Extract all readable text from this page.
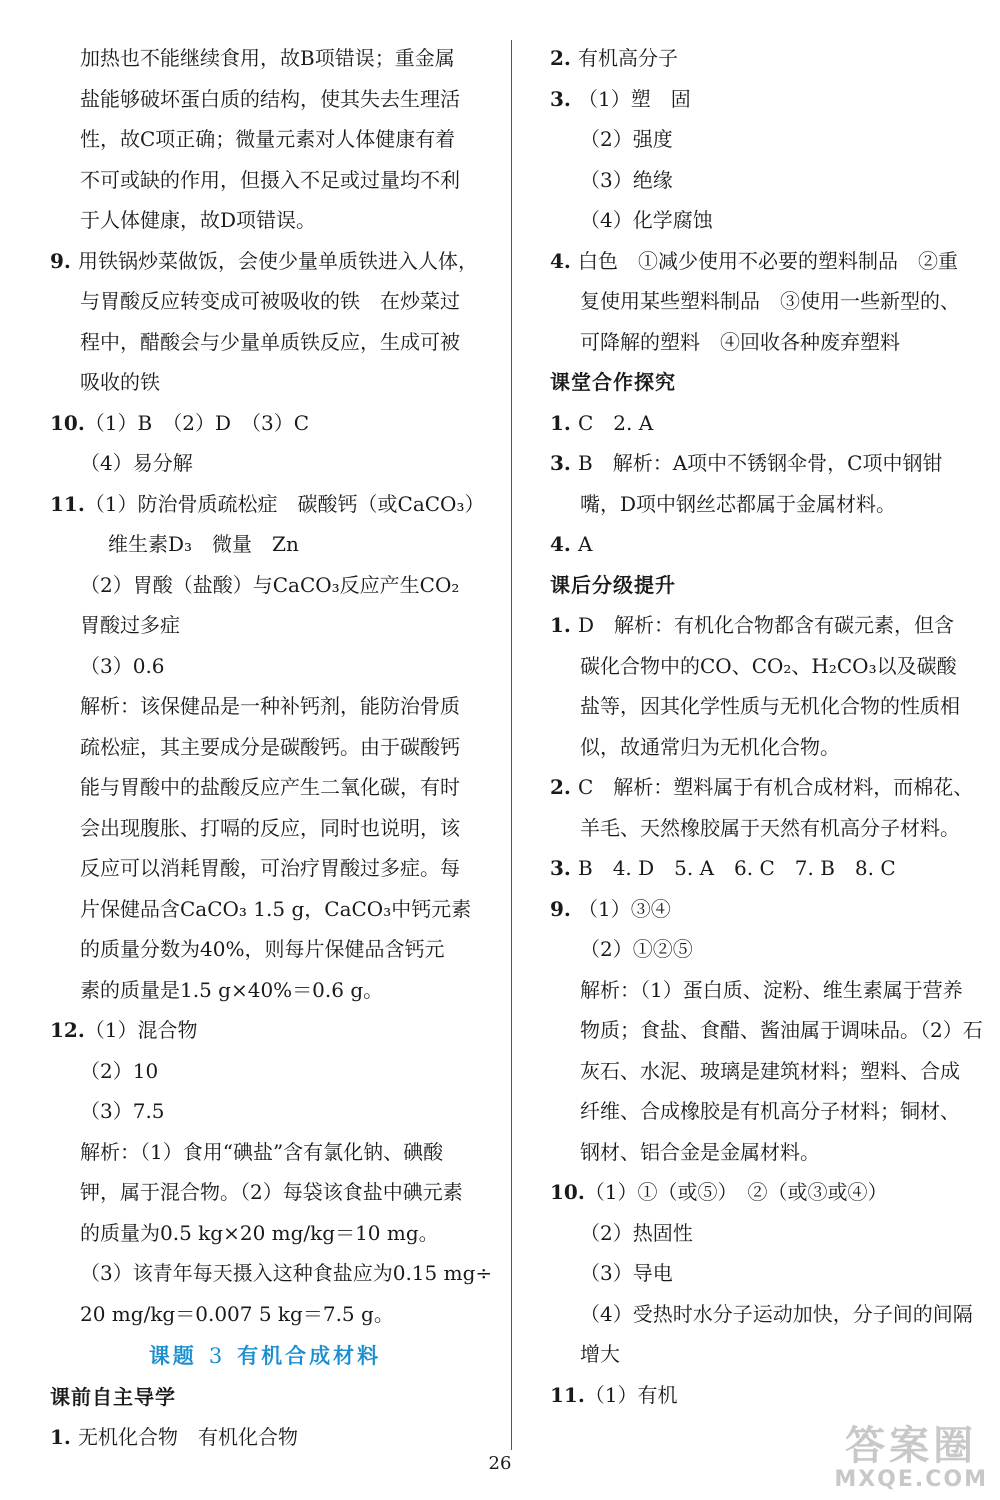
加热也不能继续食用，故B项错误；重金属
盐能够破坏蛋白质的结构，使其失去生理活
性，故C项正确；微量元素对人体健康有着
不可或缺的作用，但摄入不足或过量均不利
于人体健康，故D项错误。
9. 用铁锅炒菜做饭，会使少量单质铁进入人体，
与胃酸反应转变成可被吸收的铁　在炒菜过
程中，醋酸会与少量单质铁反应，生成可被
吸收的铁
10.（1）B　（2）D　（3）C
（4）易分解
11.（1）防治骨质疏松症　碳酸钙（或CaCO₃）
维生素D₃　微量　Zn
（2）胃酸（盐酸）与CaCO₃反应产生CO₂
胃酸过多症
（3）0.6
解析：该保健品是一种补钙剂，能防治骨质
疏松症，其主要成分是碳酸钙。由于碳酸钙
能与胃酸中的盐酸反应产生二氧化碳，有时
会出现腹胀、打嗝的反应，同时也说明，该
反应可以消耗胃酸，可治疗胃酸过多症。每
片保健品含CaCO₃ 1.5 g，CaCO₃中钙元素
的质量分数为40%，则每片保健品含钙元
素的质量是1.5 g×40%＝0.6 g。
12.（1）混合物
（2）10
（3）7.5
解析：（1）食用“碘盐”含有氯化钠、碘酸
钾，属于混合物。（2）每袋该食盐中碘元素
的质量为0.5 kg×20 mg/kg＝10 mg。
（3）该青年每天摄入这种食盐应为0.15 mg÷
20 mg/kg＝0.007 5 kg＝7.5 g。
课题 3 有机合成材料
课前自主导学
1. 无机化合物　有机化合物
2. 有机高分子
3. （1）塑　固
（2）强度
（3）绝缘
（4）化学腐蚀
4. 白色　①减少使用不必要的塑料制品　②重
复使用某些塑料制品　③使用一些新型的、
可降解的塑料　④回收各种废弃塑料
课堂合作探究
1. C　2. A
3. B　解析：A项中不锈钢伞骨，C项中钢钳
嘴，D项中钢丝芯都属于金属材料。
4. A
课后分级提升
1. D　解析：有机化合物都含有碳元素，但含
碳化合物中的CO、CO₂、H₂CO₃以及碳酸
盐等，因其化学性质与无机化合物的性质相
似，故通常归为无机化合物。
2. C　解析：塑料属于有机合成材料，而棉花、
羊毛、天然橡胶属于天然有机高分子材料。
3. B　4. D　5. A　6. C　7. B　8. C
9. （1）③④
（2）①②⑤
解析：（1）蛋白质、淀粉、维生素属于营养
物质；食盐、食醋、酱油属于调味品。（2）石
灰石、水泥、玻璃是建筑材料；塑料、合成
纤维、合成橡胶是有机高分子材料；铜材、
钢材、铝合金是金属材料。
10.（1）①（或⑤）　②（或③或④）
（2）热固性
（3）导电
（4）受热时水分子运动加快，分子间的间隔
增大
11.（1）有机
26	答案圈
MXQE.COM
